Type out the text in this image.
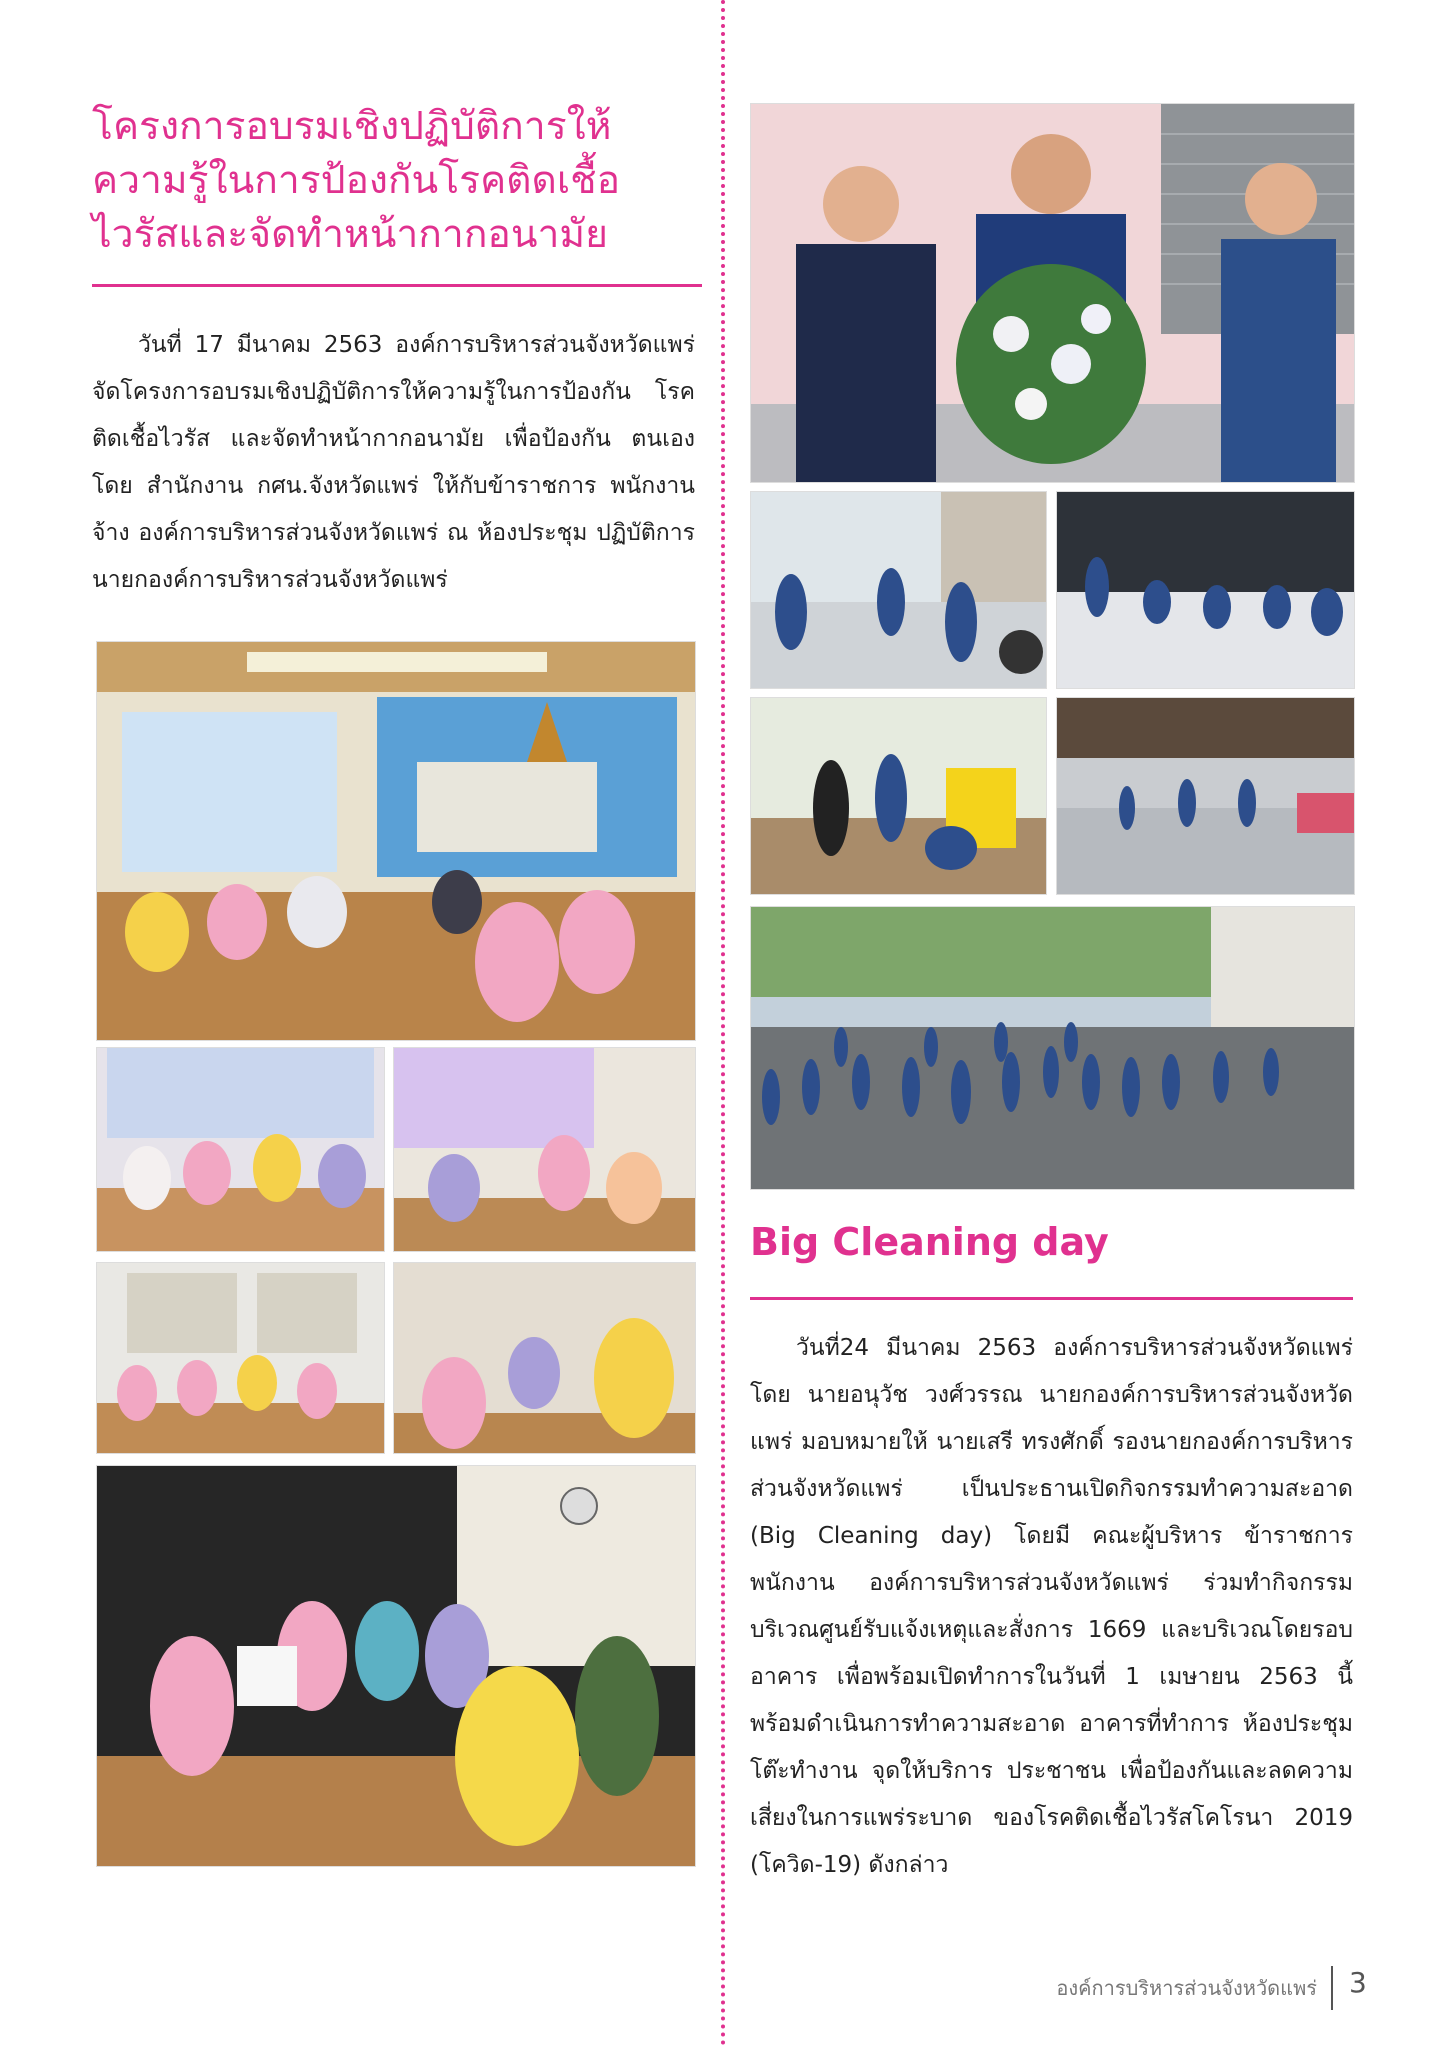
โครงการอบรมเชิงปฏิบัติการให้ความรู้ในการป้องกันโรคติดเชื้อไวรัสและจัดทำหน้ากากอนามัย

วันที่ 17 มีนาคม 2563 องค์การบริหารส่วนจังหวัดแพร่ จัดโครงการอบรมเชิงปฏิบัติการให้ความรู้ในการป้องกัน โรคติดเชื้อไวรัส และจัดทำหน้ากากอนามัย เพื่อป้องกัน ตนเอง โดย สำนักงาน กศน.จังหวัดแพร่ ให้กับข้าราชการ พนักงานจ้าง องค์การบริหารส่วนจังหวัดแพร่ ณ ห้องประชุม ปฏิบัติการนายกองค์การบริหารส่วนจังหวัดแพร่

Big Cleaning day

วันที่24 มีนาคม 2563 องค์การบริหารส่วนจังหวัดแพร่ โดย นายอนุวัช วงศ์วรรณ นายกองค์การบริหารส่วนจังหวัดแพร่ มอบหมายให้ นายเสรี ทรงศักดิ์ รองนายกองค์การบริหารส่วนจังหวัดแพร่ เป็นประธานเปิดกิจกรรมทำความสะอาด (Big Cleaning day) โดยมี คณะผู้บริหาร ข้าราชการ พนักงาน องค์การบริหารส่วนจังหวัดแพร่ ร่วมทำกิจกรรมบริเวณศูนย์รับแจ้งเหตุและสั่งการ 1669 และบริเวณโดยรอบอาคาร เพื่อพร้อมเปิดทำการในวันที่ 1 เมษายน 2563 นี้ พร้อมดำเนินการทำความสะอาด อาคารที่ทำการ ห้องประชุม โต๊ะทำงาน จุดให้บริการ ประชาชน เพื่อป้องกันและลดความเสี่ยงในการแพร่ระบาด ของโรคติดเชื้อไวรัสโคโรนา 2019 (โควิด-19) ดังกล่าว

องค์การบริหารส่วนจังหวัดแพร่ 3
